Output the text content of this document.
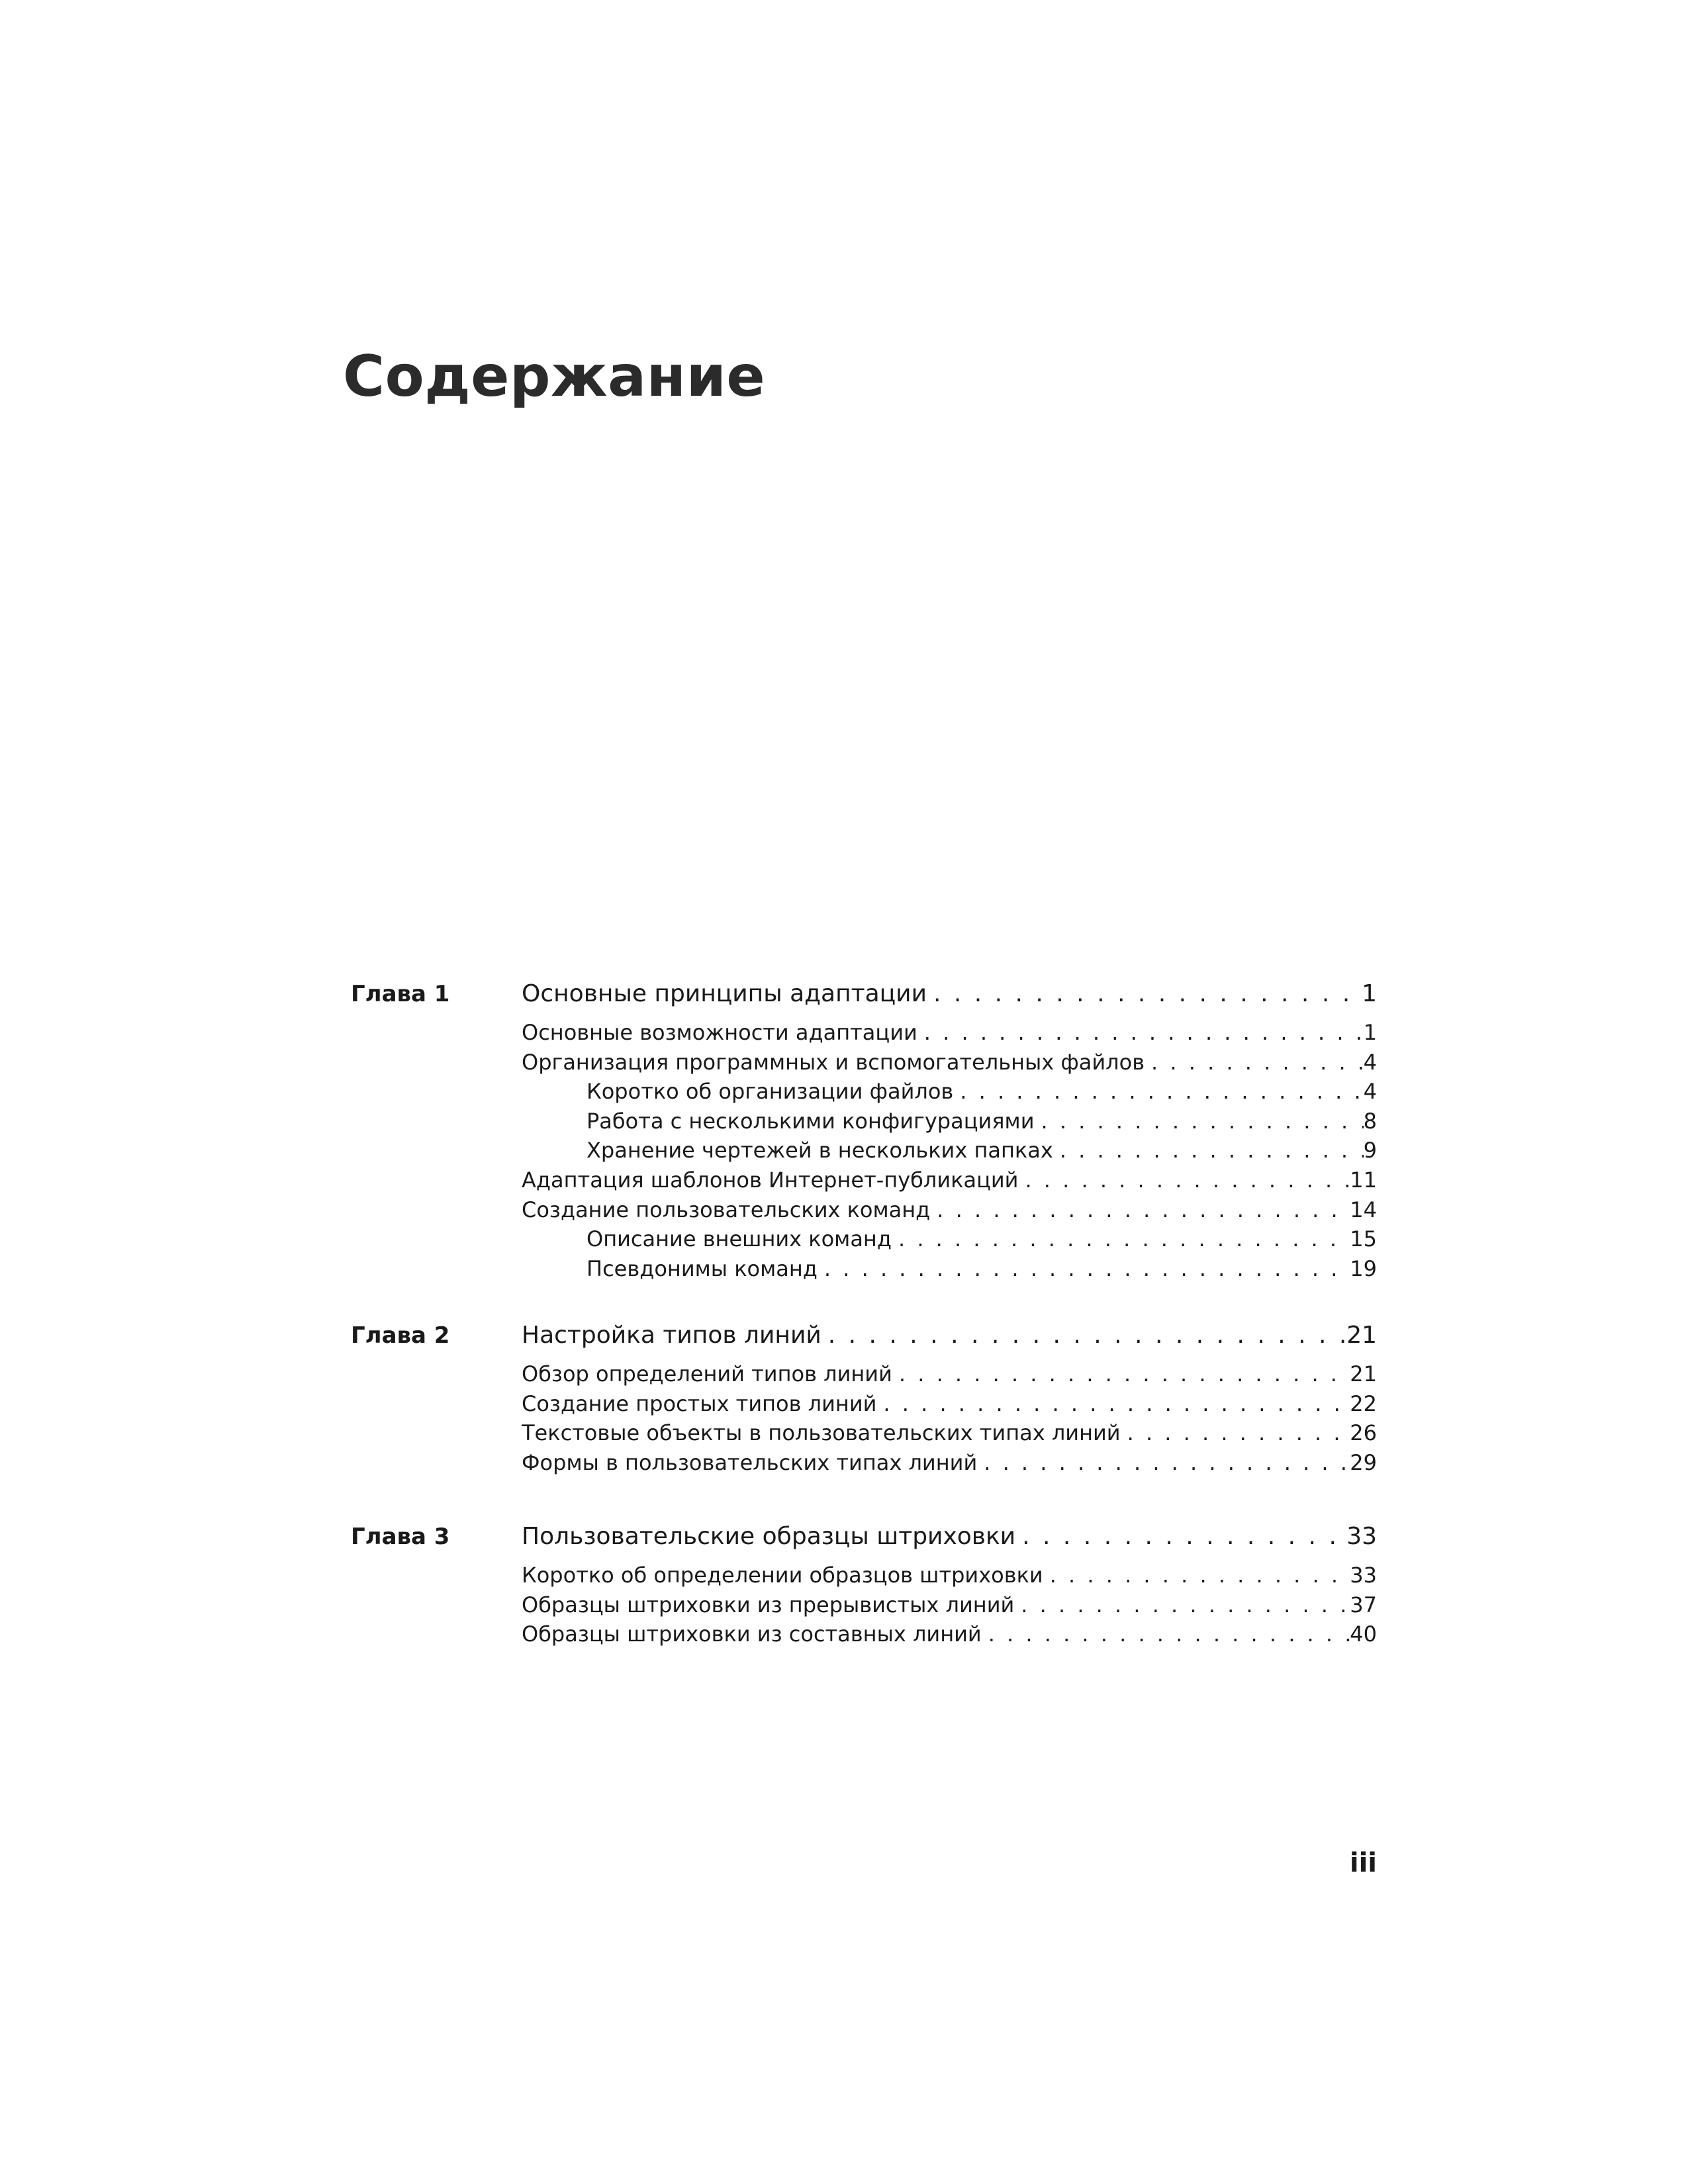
Содержание
Глава 1	Основные принципы адаптации . . .	1
Основные возможности адаптации . . .	1
Организация программных и вспомогательных файлов . . .	4
Коротко об организации файлов . . .	4
Работа с несколькими конфигурациями . . .	8
Хранение чертежей в нескольких папках . . .	9
Адаптация шаблонов Интернет-публикаций . . .	11
Создание пользовательских команд . . .	14
Описание внешних команд . . .	15
Псевдонимы команд . . .	19
Глава 2	Настройка типов линий . . .	21
Обзор определений типов линий . . .	21
Создание простых типов линий . . .	22
Текстовые объекты в пользовательских типах линий . . .	26
Формы в пользовательских типах линий . . .	29
Глава 3	Пользовательские образцы штриховки . . .	33
Коротко об определении образцов штриховки . . .	33
Образцы штриховки из прерывистых линий . . .	37
Образцы штриховки из составных линий . . .	40
iii
